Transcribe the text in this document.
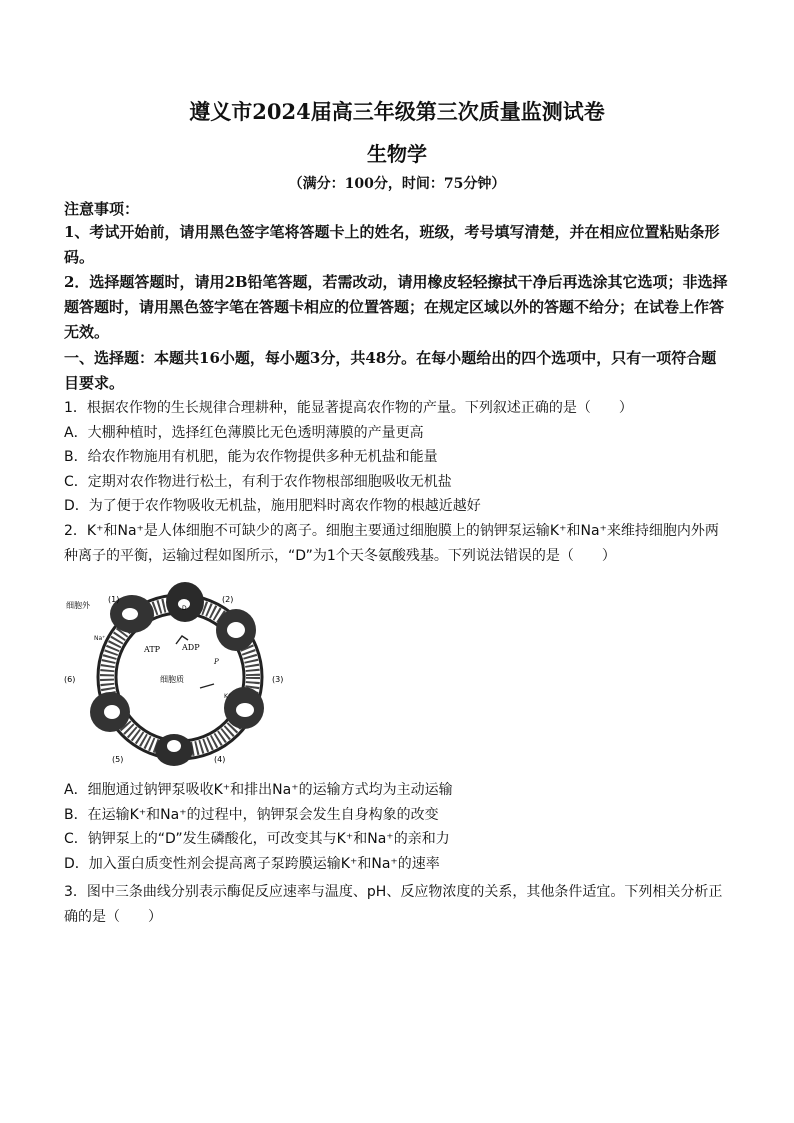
遵义市2024届高三年级第三次质量监测试卷
生物学
（满分：100分，时间：75分钟）
注意事项：
1、考试开始前，请用黑色签字笔将答题卡上的姓名，班级，考号填写清楚，并在相应位置粘贴条形码。
2．选择题答题时，请用2B铅笔答题，若需改动，请用橡皮轻轻擦拭干净后再选涂其它选项；非选择题答题时，请用黑色签字笔在答题卡相应的位置答题；在规定区域以外的答题不给分；在试卷上作答无效。
一、选择题：本题共16小题，每小题3分，共48分。在每小题给出的四个选项中，只有一项符合题目要求。
1．根据农作物的生长规律合理耕种，能显著提高农作物的产量。下列叙述正确的是（　　）
A．大棚种植时，选择红色薄膜比无色透明薄膜的产量更高
B．给农作物施用有机肥，能为农作物提供多种无机盐和能量
C．定期对农作物进行松土，有利于农作物根部细胞吸收无机盐
D．为了便于农作物吸收无机盐，施用肥料时离农作物的根越近越好
2．K⁺和Na⁺是人体细胞不可缺少的离子。细胞主要通过细胞膜上的钠钾泵运输K⁺和Na⁺来维持细胞内外两种离子的平衡，运输过程如图所示，“D”为1个天冬氨酸残基。下列说法错误的是（　　）
细胞外
细胞质
ATP	ADP
P
D
(1)	(2)
(3)
(4)
(5)
(6)
Na⁺
K⁺
A．细胞通过钠钾泵吸收K⁺和排出Na⁺的运输方式均为主动运输
B．在运输K⁺和Na⁺的过程中，钠钾泵会发生自身构象的改变
C．钠钾泵上的“D”发生磷酸化，可改变其与K⁺和Na⁺的亲和力
D．加入蛋白质变性剂会提高离子泵跨膜运输K⁺和Na⁺的速率
3．图中三条曲线分别表示酶促反应速率与温度、pH、反应物浓度的关系，其他条件适宜。下列相关分析正确的是（　　）
